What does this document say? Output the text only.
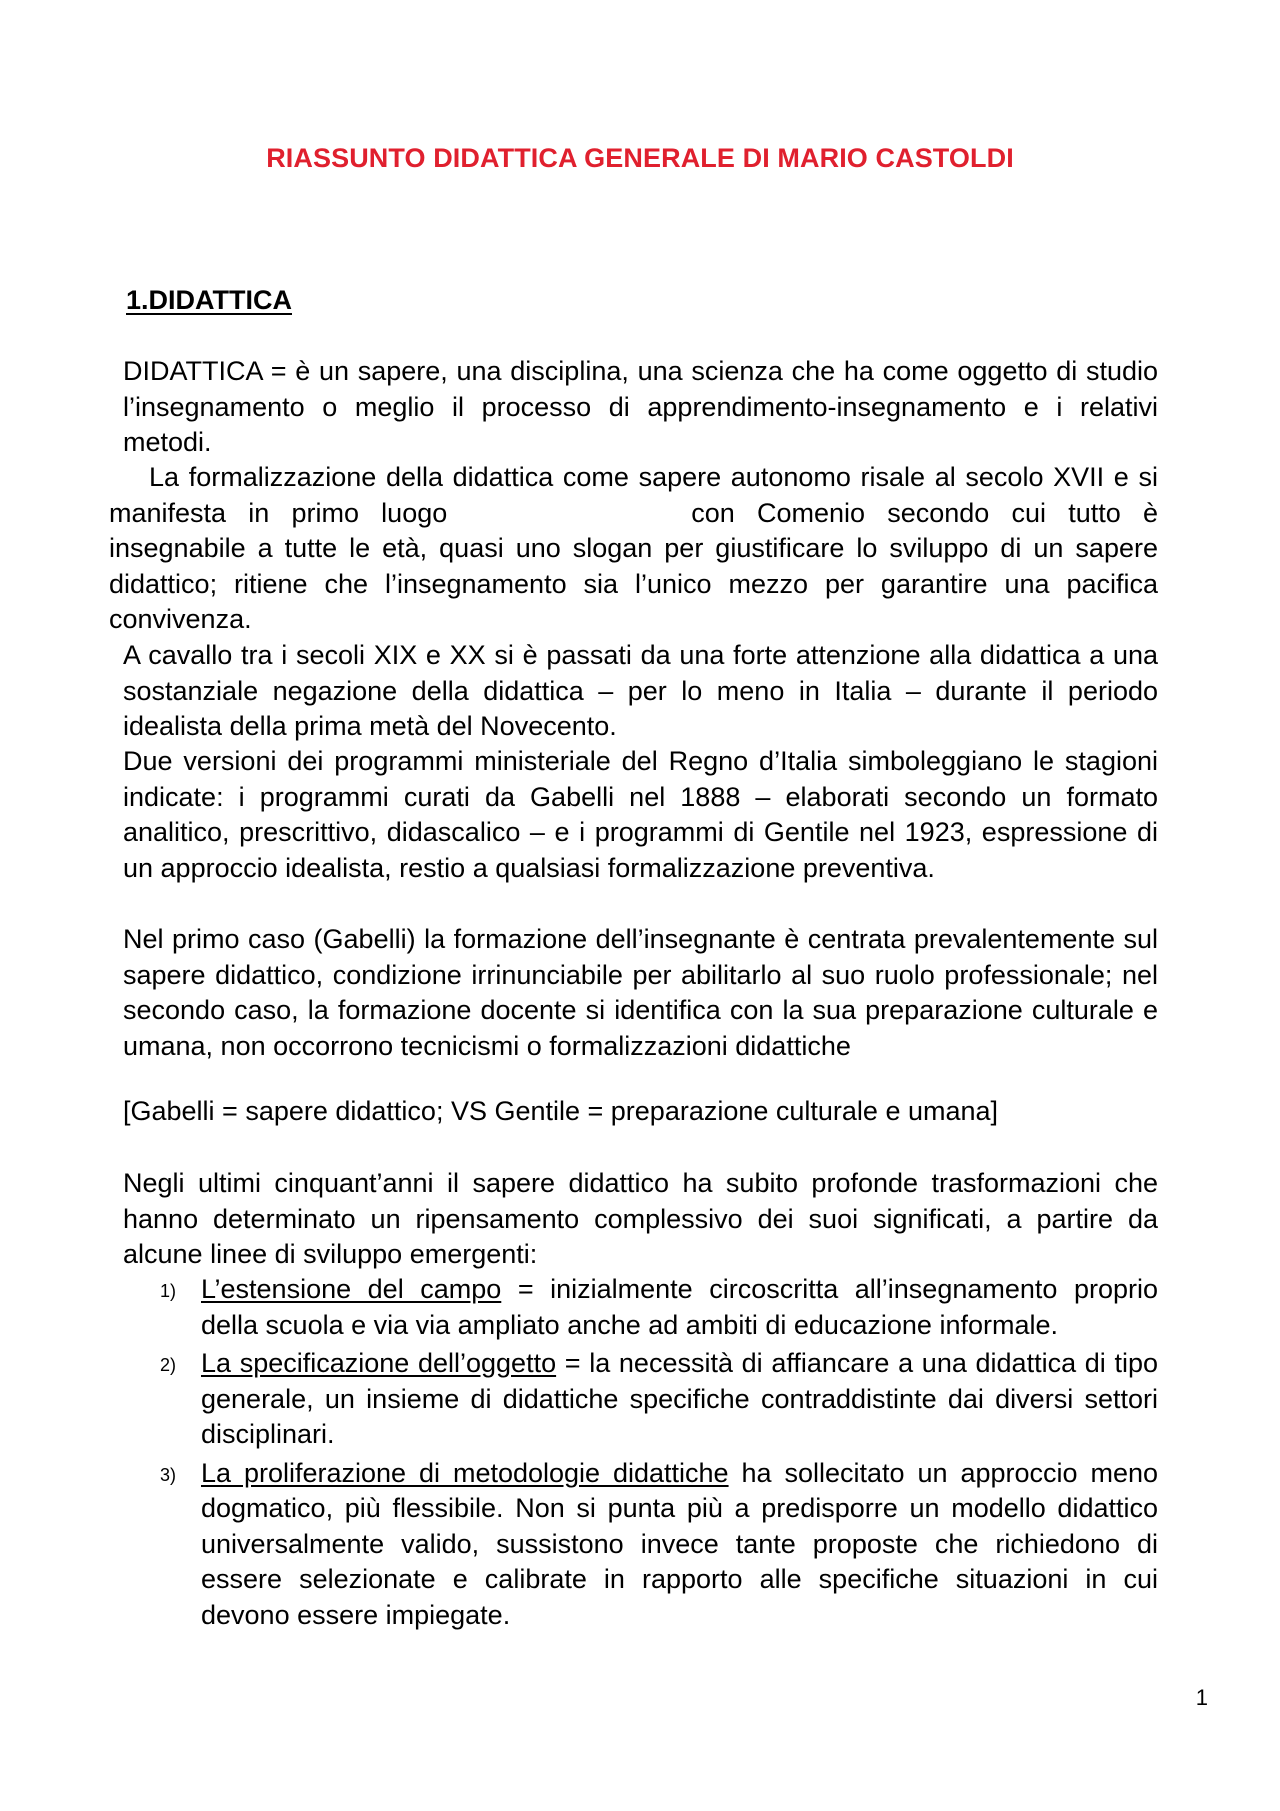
RIASSUNTO DIDATTICA GENERALE DI MARIO CASTOLDI
1.DIDATTICA
DIDATTICA = è un sapere, una disciplina, una scienza che ha come oggetto di studio l’insegnamento o meglio il processo di apprendimento-insegnamento e i relativi metodi.
La formalizzazione della didattica come sapere autonomo risale al secolo XVII e si manifesta in primo luogo	con Comenio secondo cui tutto è insegnabile a tutte le età, quasi uno slogan per giustificare lo sviluppo di un sapere didattico; ritiene che l’insegnamento sia l’unico mezzo per garantire una pacifica convivenza.
A cavallo tra i secoli XIX e XX si è passati da una forte attenzione alla didattica a una sostanziale negazione della didattica – per lo meno in Italia – durante il periodo idealista della prima metà del Novecento.
Due versioni dei programmi ministeriale del Regno d’Italia simboleggiano le stagioni indicate: i programmi curati da Gabelli nel 1888 – elaborati secondo un formato analitico, prescrittivo, didascalico – e i programmi di Gentile nel 1923, espressione di un approccio idealista, restio a qualsiasi formalizzazione preventiva.
Nel primo caso (Gabelli) la formazione dell’insegnante è centrata prevalentemente sul sapere didattico, condizione irrinunciabile per abilitarlo al suo ruolo professionale; nel secondo caso, la formazione docente si identifica con la sua preparazione culturale e umana, non occorrono tecnicismi o formalizzazioni didattiche
[Gabelli = sapere didattico; VS Gentile = preparazione culturale e umana]
Negli ultimi cinquant’anni il sapere didattico ha subito profonde trasformazioni che hanno determinato un ripensamento complessivo dei suoi significati, a partire da alcune linee di sviluppo emergenti:
1) L’estensione del campo = inizialmente circoscritta all’insegnamento proprio della scuola e via via ampliato anche ad ambiti di educazione informale.
2) La specificazione dell’oggetto = la necessità di affiancare a una didattica di tipo generale, un insieme di didattiche specifiche contraddistinte dai diversi settori disciplinari.
3) La proliferazione di metodologie didattiche ha sollecitato un approccio meno dogmatico, più flessibile. Non si punta più a predisporre un modello didattico universalmente valido, sussistono invece tante proposte che richiedono di essere selezionate e calibrate in rapporto alle specifiche situazioni in cui devono essere impiegate.
1
